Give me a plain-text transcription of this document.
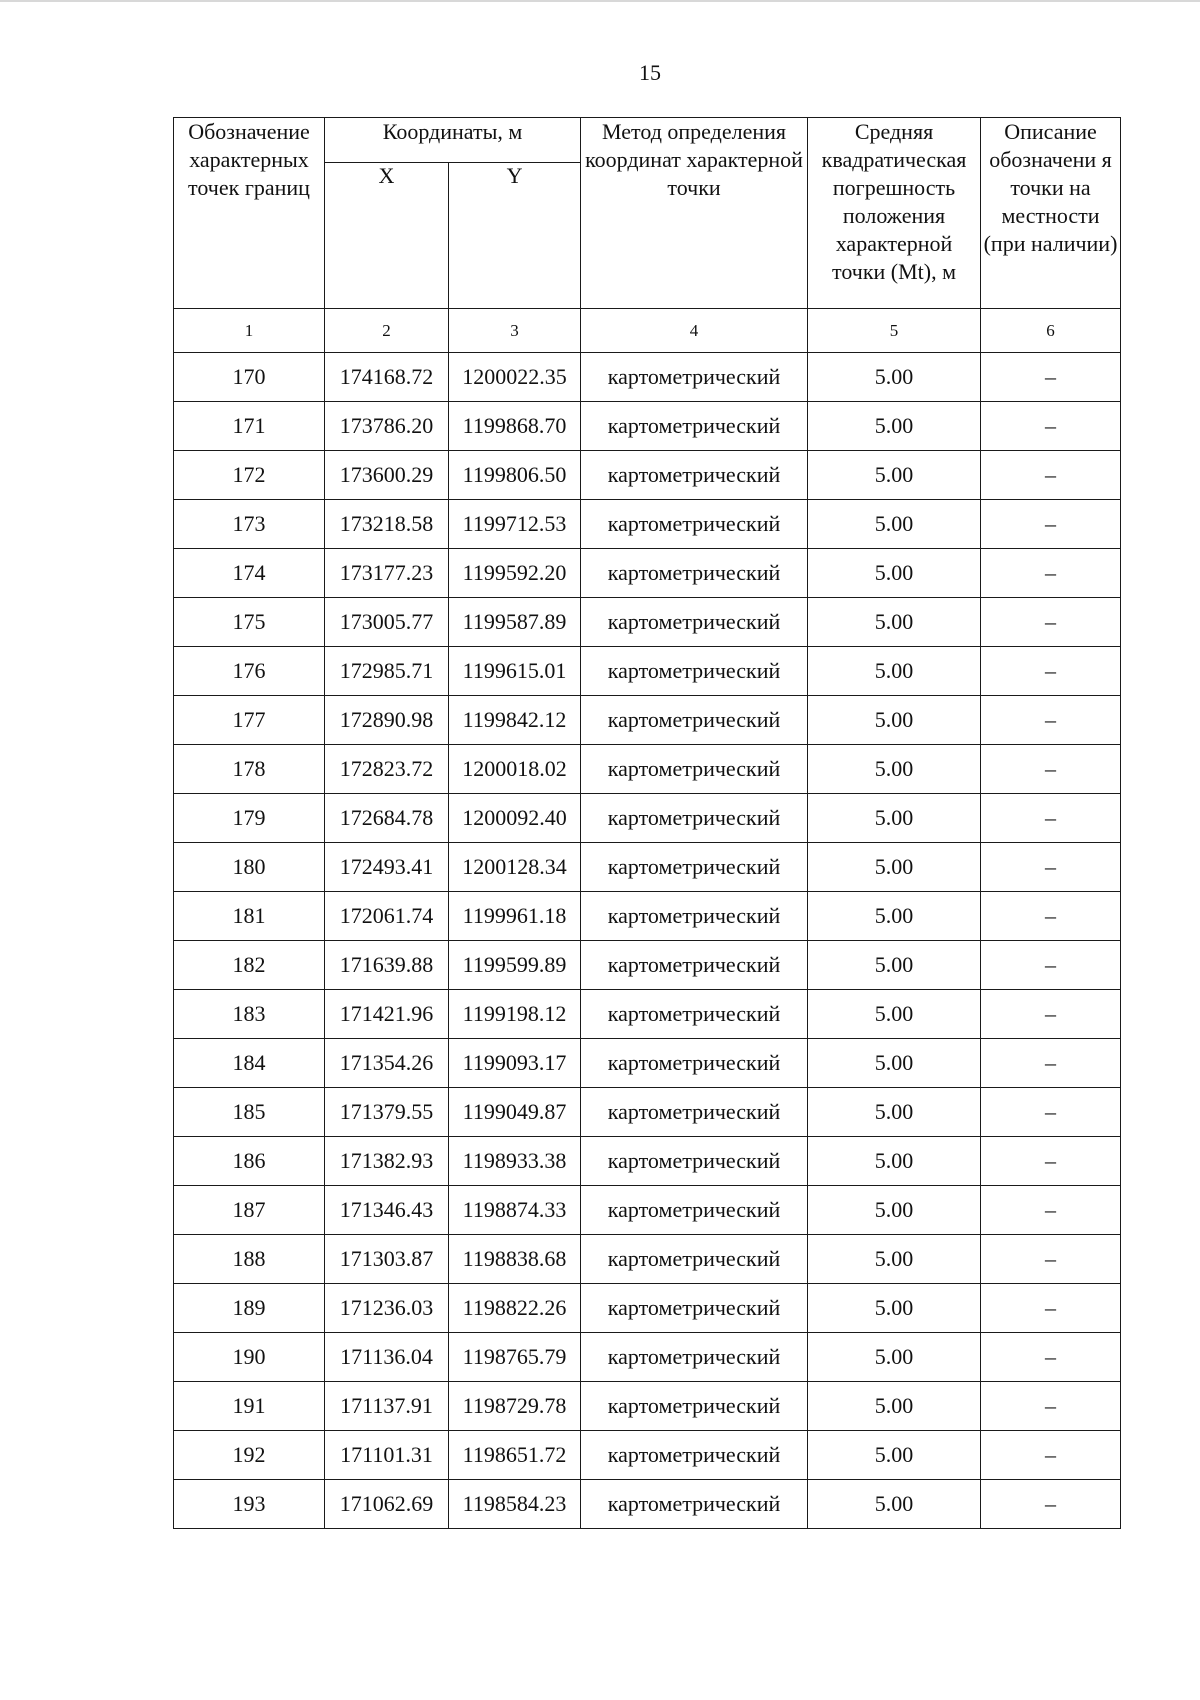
15
Обозначение характерных точек границ	Координаты, м		Метод определения координат характерной точки	Средняя квадратическая погрешность положения характерной точки (Mt), м	Описание обозначени я точки на местности (при наличии)
	X	Y			
1	2	3	4	5	6
170	174168.72	1200022.35	картометрический	5.00	–
171	173786.20	1199868.70	картометрический	5.00	–
172	173600.29	1199806.50	картометрический	5.00	–
173	173218.58	1199712.53	картометрический	5.00	–
174	173177.23	1199592.20	картометрический	5.00	–
175	173005.77	1199587.89	картометрический	5.00	–
176	172985.71	1199615.01	картометрический	5.00	–
177	172890.98	1199842.12	картометрический	5.00	–
178	172823.72	1200018.02	картометрический	5.00	–
179	172684.78	1200092.40	картометрический	5.00	–
180	172493.41	1200128.34	картометрический	5.00	–
181	172061.74	1199961.18	картометрический	5.00	–
182	171639.88	1199599.89	картометрический	5.00	–
183	171421.96	1199198.12	картометрический	5.00	–
184	171354.26	1199093.17	картометрический	5.00	–
185	171379.55	1199049.87	картометрический	5.00	–
186	171382.93	1198933.38	картометрический	5.00	–
187	171346.43	1198874.33	картометрический	5.00	–
188	171303.87	1198838.68	картометрический	5.00	–
189	171236.03	1198822.26	картометрический	5.00	–
190	171136.04	1198765.79	картометрический	5.00	–
191	171137.91	1198729.78	картометрический	5.00	–
192	171101.31	1198651.72	картометрический	5.00	–
193	171062.69	1198584.23	картометрический	5.00	–
